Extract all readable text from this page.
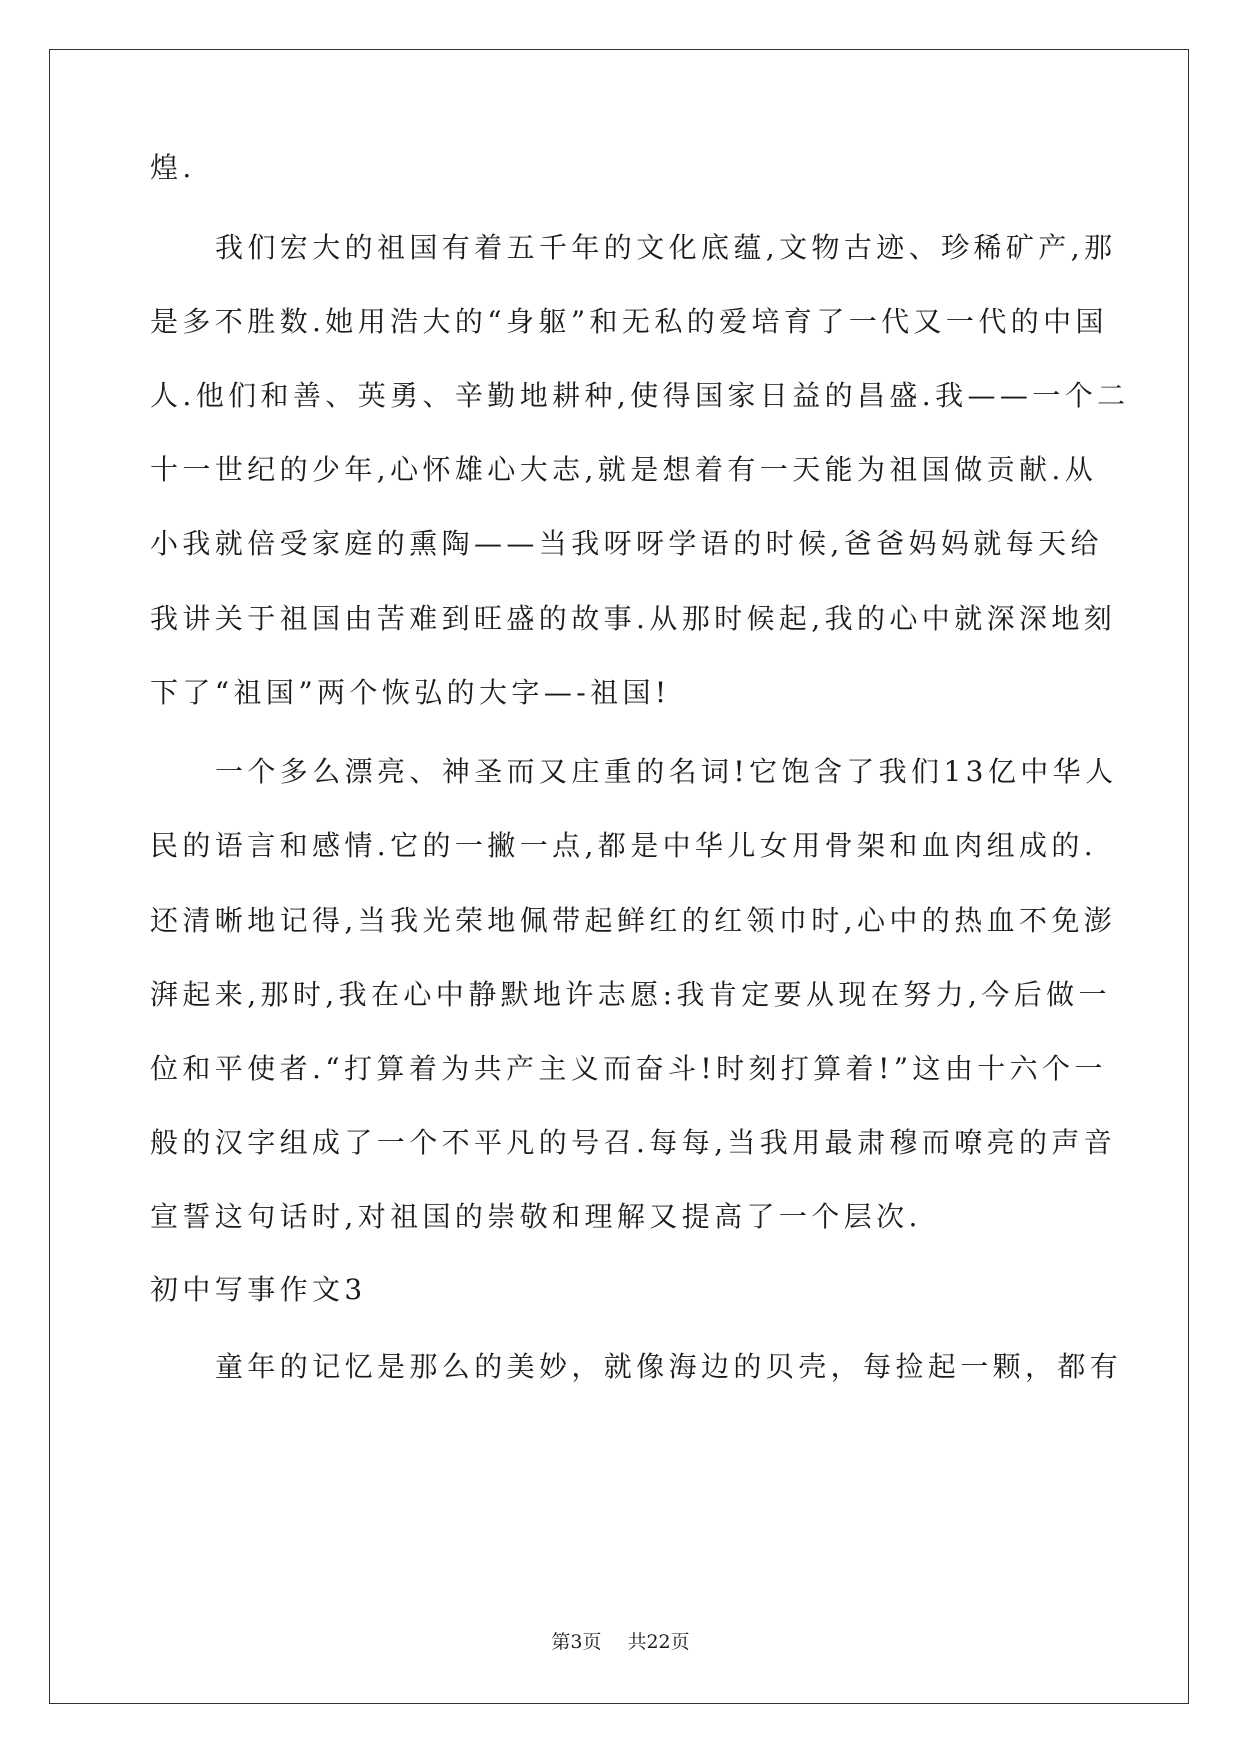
煌.
我们宏大的祖国有着五千年的文化底蕴,文物古迹、珍稀矿产,那
是多不胜数.她用浩大的“身躯”和无私的爱培育了一代又一代的中国
人.他们和善、英勇、辛勤地耕种,使得国家日益的昌盛.我——一个二
十一世纪的少年,心怀雄心大志,就是想着有一天能为祖国做贡献.从
小我就倍受家庭的熏陶——当我呀呀学语的时候,爸爸妈妈就每天给
我讲关于祖国由苦难到旺盛的故事.从那时候起,我的心中就深深地刻
下了“祖国”两个恢弘的大字—-祖国!
一个多么漂亮、神圣而又庄重的名词!它饱含了我们13亿中华人
民的语言和感情.它的一撇一点,都是中华儿女用骨架和血肉组成的.
还清晰地记得,当我光荣地佩带起鲜红的红领巾时,心中的热血不免澎
湃起来,那时,我在心中静默地许志愿:我肯定要从现在努力,今后做一
位和平使者.“打算着为共产主义而奋斗!时刻打算着!”这由十六个一
般的汉字组成了一个不平凡的号召.每每,当我用最肃穆而嘹亮的声音
宣誓这句话时,对祖国的崇敬和理解又提高了一个层次.
初中写事作文3
童年的记忆是那么的美妙，就像海边的贝壳，每捡起一颗，都有
第3页 共22页
